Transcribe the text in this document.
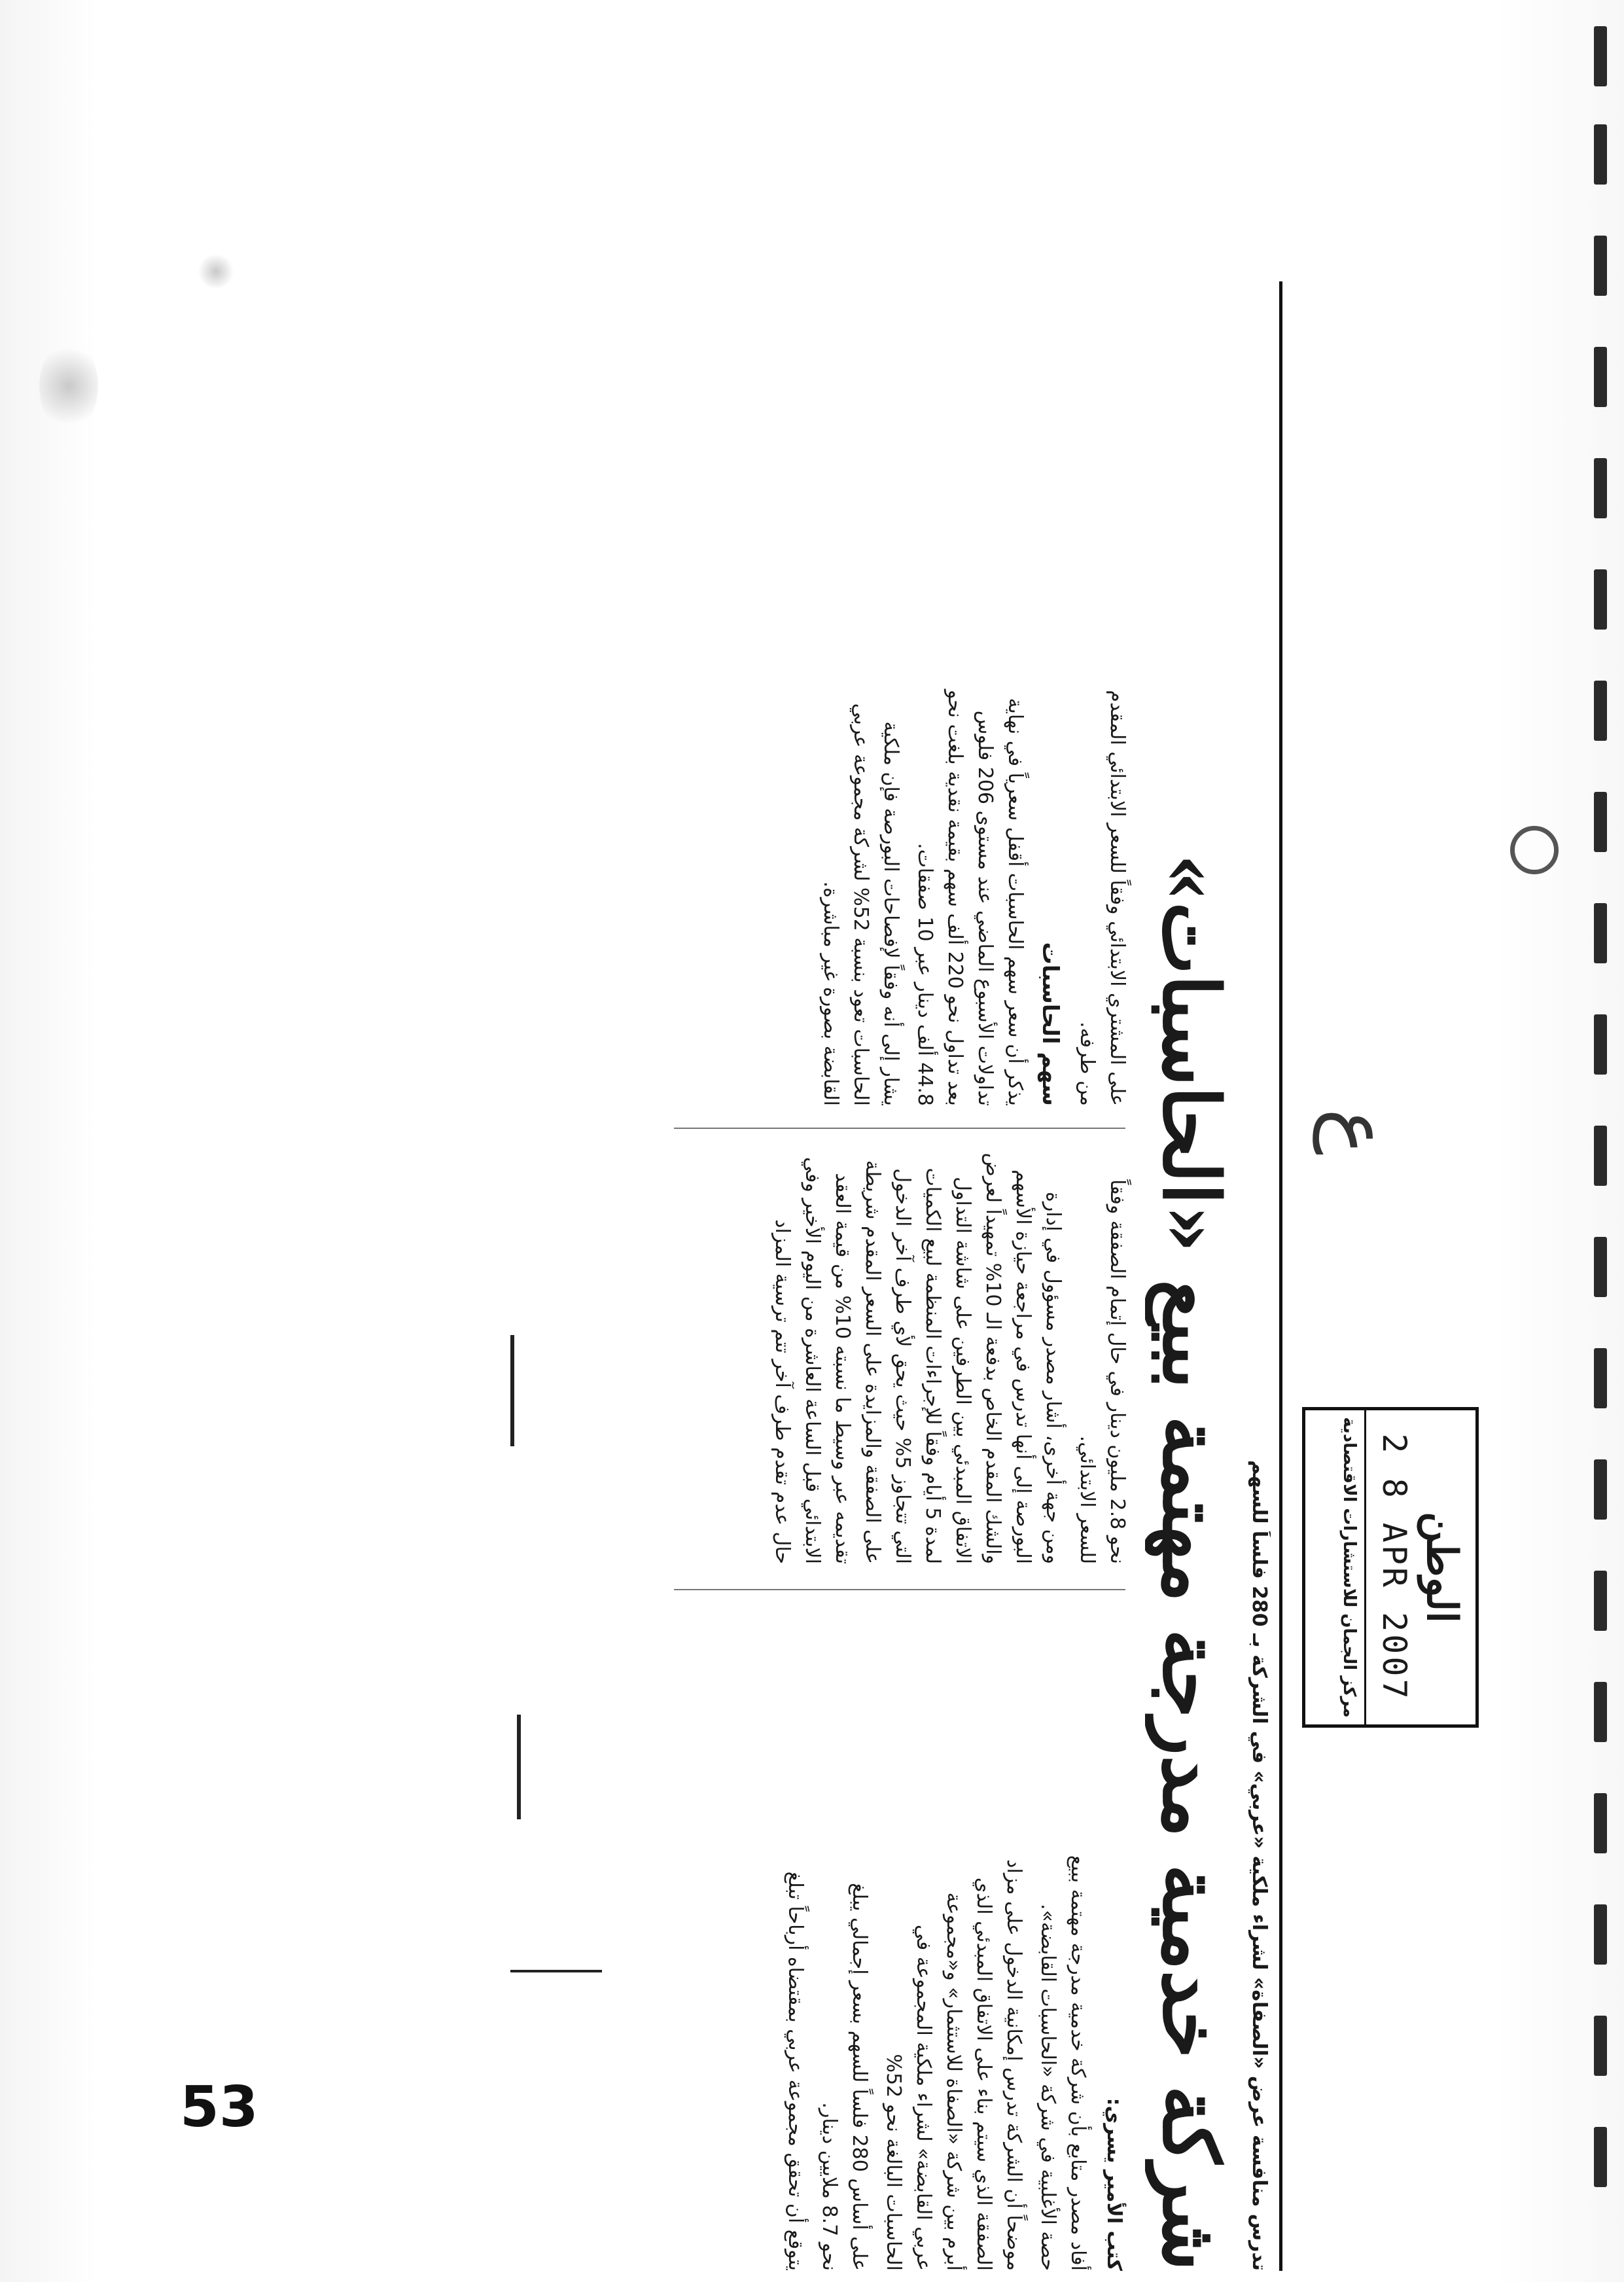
ع
تدرس منافسة عرض «الصفاة» لشراء ملكية «عربي» في الشركة بـ 280 فلساً للسهم
شركة خدمية مدرجة مهتمة ببيع «الحاسبات»
كتب الأمير يسري:

أفاد مصدر متابع بأن شركة خدمية مدرجة مهتمة ببيع حصة الأغلبية في شركة «الحاسبات القابضة».

موضحاً أن الشركة تدرس إمكانية الدخول على مزاد الصفقة الذي سيتم بناء على الاتفاق المبدئي الذي أبرم بين شركة «الصفاة للاستثمار» و«مجموعة عربي القابضة» لشراء ملكية المجموعة في الحاسبات البالغة نحو 52%

على أساس 280 فلساً للسهم بسعر إجمالي يبلغ نحو 8.7 ملايين دينار.

يتوقع أن تحقق مجموعة عربي بمقتضاه أرباحاً تبلغ

نحو 2.8 مليون دينار في حال إتمام الصفقة وفقاً للسعر الابتدائي.

ومن جهة أخرى، أشار مصدر مسؤول في إدارة البورصة إلى أنها تدرس في مراجعة حيازة الأسهم والشك المقدم الخاص بدفعة الـ 10% تمهيداً لعرض الاتفاق المبدئي بين الطرفين على شاشة التداول لمدة 5 أيام وفقاً للإجراءات المنظمة لبيع الكميات التي تتجاوز 5% حيث يحق لأي طرف آخر الدخول على الصفقة والمزايدة على السعر المقدم شريطة تقديمه عبر وسيط ما نسبته 10% من قيمة العقد الابتدائي قبل الساعة العاشرة من اليوم الأخير وفي حال عدم تقدم طرف آخر تتم ترسية المزاد

على المشتري الابتدائي وفقاً للسعر الابتدائي المقدم من طرفه.

سهم الحاسبات

يذكر أن سعر سهم الحاسبات أقفل سعرياً في نهاية تداولات الأسبوع الماضي عند مستوى 206 فلوس بعد تداول نحو 220 ألف سهم بقيمة نقدية بلغت نحو 44.8 ألف دينار عبر 10 صفقات.

يشار إلى أنه وفقاً لإفصاحات البورصة فإن ملكية الحاسبات تعود بنسبة 52% لشركة مجموعة عربي القابضة بصورة غير مباشرة.

الوطن
2 8 APR 2007
مركز الجمان للاستشارات الاقتصادية
53
